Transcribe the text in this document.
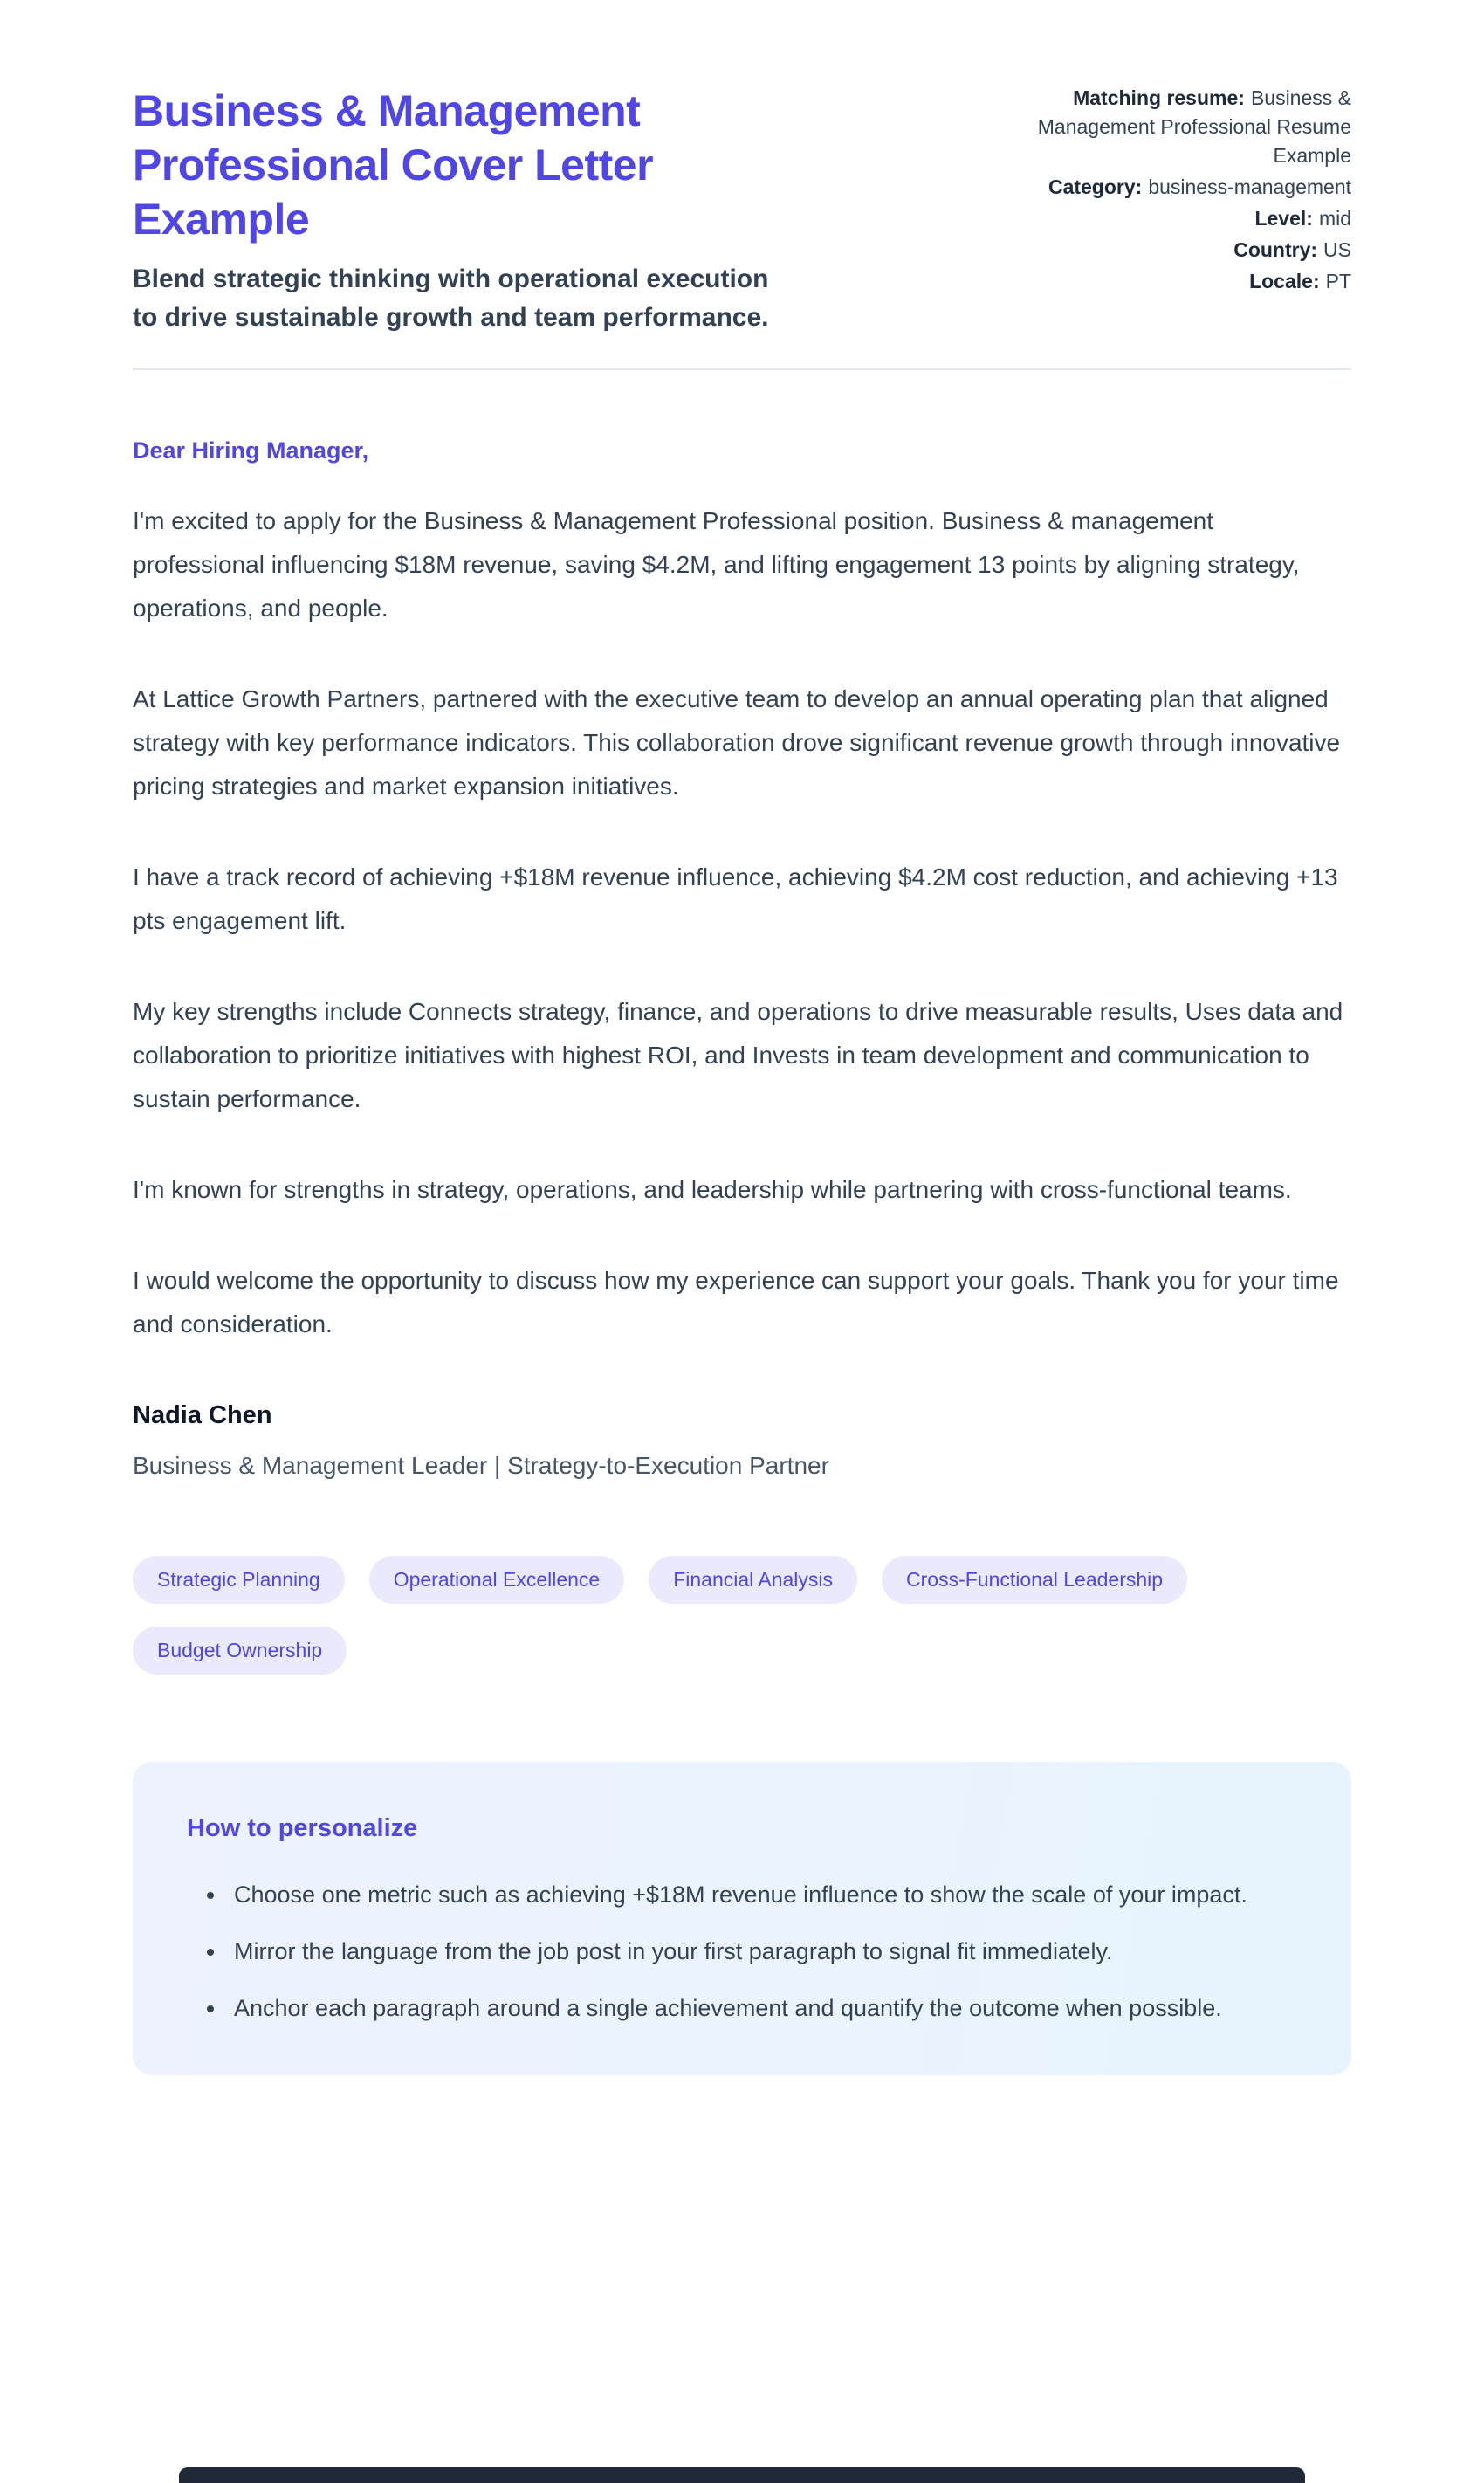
Business & Management Professional Cover Letter Example

Blend strategic thinking with operational execution to drive sustainable growth and team performance.

Matching resume: Business & Management Professional Resume Example
Category: business-management
Level: mid
Country: US
Locale: PT

Dear Hiring Manager,

I'm excited to apply for the Business & Management Professional position. Business & management professional influencing $18M revenue, saving $4.2M, and lifting engagement 13 points by aligning strategy, operations, and people.

At Lattice Growth Partners, partnered with the executive team to develop an annual operating plan that aligned strategy with key performance indicators. This collaboration drove significant revenue growth through innovative pricing strategies and market expansion initiatives.

I have a track record of achieving +$18M revenue influence, achieving $4.2M cost reduction, and achieving +13 pts engagement lift.

My key strengths include Connects strategy, finance, and operations to drive measurable results, Uses data and collaboration to prioritize initiatives with highest ROI, and Invests in team development and communication to sustain performance.

I'm known for strengths in strategy, operations, and leadership while partnering with cross-functional teams.

I would welcome the opportunity to discuss how my experience can support your goals. Thank you for your time and consideration.

Nadia Chen

Business & Management Leader | Strategy-to-Execution Partner

Strategic Planning	Operational Excellence	Financial Analysis	Cross-Functional Leadership
Budget Ownership
How to personalize
• Choose one metric such as achieving +$18M revenue influence to show the scale of your impact.
• Mirror the language from the job post in your first paragraph to signal fit immediately.
• Anchor each paragraph around a single achievement and quantify the outcome when possible.
